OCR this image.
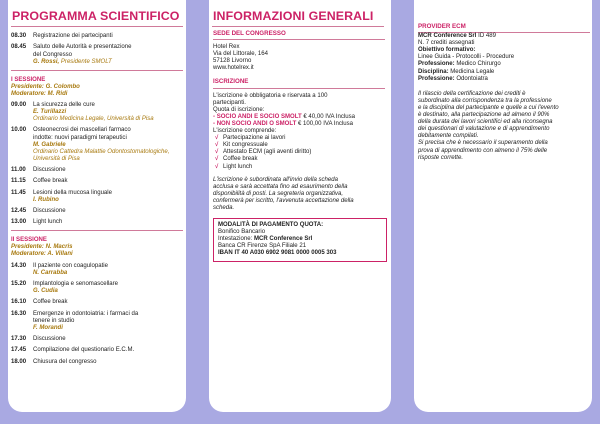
PROGRAMMA SCIENTIFICO
08.30	Registrazione dei partecipanti
08.45	Saluto delle Autorità e presentazione
del Congresso
G. Rossi, Presidente SMOLT
I SESSIONE
Presidente: G. Colombo
Moderatore: M. Ridi
09.00	La sicurezza delle cure
E. Turillazzi
Ordinario Medicina Legale, Università di Pisa
10.00	Osteonecrosi dei mascellari farmaco
indotte: nuovi paradigmi terapeutici
M. Gabriele
Ordinario Cattedra Malattie Odontostomatologiche, Università di Pisa
11.00	Discussione
11.15	Coffee break
11.45	Lesioni della mucosa linguale
I. Rubino
12.45	Discussione
13.00	Light lunch
II SESSIONE
Presidente: N. Macris
Moderatore: A. Villani
14.30	Il paziente con coagulopatie
N. Carrabba
15.20	Implantologia e senomascellare
G. Cudia
16.10	Coffee break
16.30	Emergenze in odontoiatria: i farmaci da
tenere in studio
F. Morandi
17.30	Discussione
17.45	Compilazione del questionario E.C.M.
18.00	Chiusura del congresso
INFORMAZIONI GENERALI
SEDE DEL CONGRESSO

Hotel Rex

Via del Littorale, 164

57128 Livorno

www.hotelrex.it

ISCRIZIONE

L'iscrizione è obbligatoria e riservata a 100

partecipanti.

Quota di iscrizione:

- SOCIO ANDI E SOCIO SMOLT € 40,00 IVA Inclusa

- NON SOCIO ANDI O SMOLT € 100,00 IVA Inclusa

L'iscrizione comprende:

√ Partecipazione ai lavori
√ Kit congressuale
√ Attestato ECM (agli aventi diritto)
√ Coffee break
√ Light lunch

L'iscrizione è subordinata all'invio della scheda

acclusa e sarà accettata fino ad esaurimento della

disponibilità di posti. La segreteria organizzativa,

confermerà per iscritto, l'avvenuta accettazione della

scheda.

MODALITÀ DI PAGAMENTO QUOTA:
Bonifico Bancario
Intestazione: MCR Conference Srl
Banca CR Firenze SpA Filiale 21
IBAN IT 40 A030 6902 9081 0000 0005 303
PROVIDER ECM

MCR Conference Srl ID 489

N. 7 crediti assegnati

Obiettivo formativo:

Linee Guida - Protocolli - Procedure

Professione: Medico Chirurgo

Disciplina: Medicina Legale

Professione: Odontoiatra

Il rilascio della certificazione dei crediti è

subordinato alla corrispondenza tra la professione

e la disciplina del partecipante e quelle a cui l'evento

è destinato, alla partecipazione ad almeno il 90%

della durata dei lavori scientifici ed alla riconsegna

dei questionari di valutazione e di apprendimento

debitamente compilati.

Si precisa che è necessario il superamento della

prova di apprendimento con almeno il 75% delle

risposte corrette.
